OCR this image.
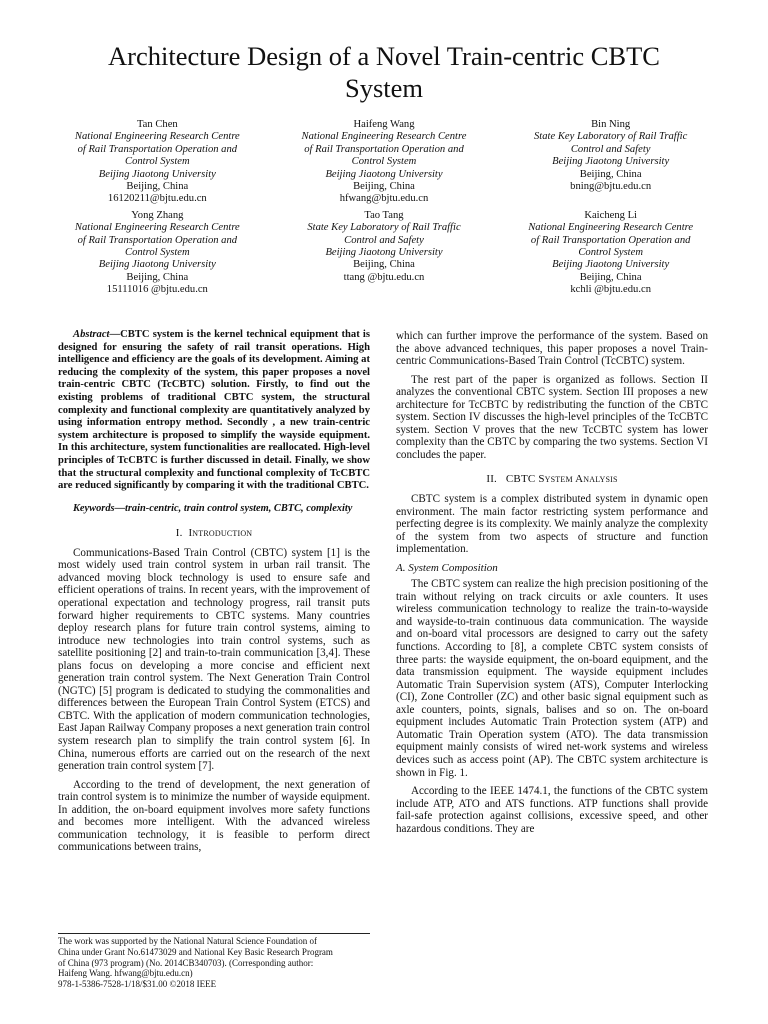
Architecture Design of a Novel Train-centric CBTC
System
Tan Chen
National Engineering Research Centre
of Rail Transportation Operation and
Control System
Beijing Jiaotong University
Beijing, China
16120211@bjtu.edu.cn
Haifeng Wang
National Engineering Research Centre
of Rail Transportation Operation and
Control System
Beijing Jiaotong University
Beijing, China
hfwang@bjtu.edu.cn
Bin Ning
State Key Laboratory of Rail Traffic
Control and Safety
Beijing Jiaotong University
Beijing, China
bning@bjtu.edu.cn
Yong Zhang
National Engineering Research Centre
of Rail Transportation Operation and
Control System
Beijing Jiaotong University
Beijing, China
15111016 @bjtu.edu.cn
Tao Tang
State Key Laboratory of Rail Traffic
Control and Safety
Beijing Jiaotong University
Beijing, China
ttang @bjtu.edu.cn
Kaicheng Li
National Engineering Research Centre
of Rail Transportation Operation and
Control System
Beijing Jiaotong University
Beijing, China
kchli @bjtu.edu.cn

Abstract—CBTC system is the kernel technical equipment that is designed for ensuring the safety of rail transit operations. High intelligence and efficiency are the goals of its development. Aiming at reducing the complexity of the system, this paper proposes a novel train-centric CBTC (TcCBTC) solution. Firstly, to find out the existing problems of traditional CBTC system, the structural complexity and functional complexity are quantitatively analyzed by using information entropy method. Secondly , a new train-centric system architecture is proposed to simplify the wayside equipment. In this architecture, system functionalities are reallocated. High-level principles of TcCBTC is further discussed in detail. Finally, we show that the structural complexity and functional complexity of TcCBTC are reduced significantly by comparing it with the traditional CBTC.

Keywords—train-centric, train control system, CBTC, complexity

I. Introduction

Communications-Based Train Control (CBTC) system [1] is the most widely used train control system in urban rail transit. The advanced moving block technology is used to ensure safe and efficient operations of trains. In recent years, with the improvement of operational expectation and technology progress, rail transit puts forward higher requirements to CBTC systems. Many countries deploy research plans for future train control systems, aiming to introduce new technologies into train control systems, such as satellite positioning [2] and train-to-train communication [3,4]. These plans focus on developing a more concise and efficient next generation train control system. The Next Generation Train Control (NGTC) [5] program is dedicated to studying the commonalities and differences between the European Train Control System (ETCS) and CBTC. With the application of modern communication technologies, East Japan Railway Company proposes a next generation train control system research plan to simplify the train control system [6]. In China, numerous efforts are carried out on the research of the next generation train control system [7].

According to the trend of development, the next generation of train control system is to minimize the number of wayside equipment. In addition, the on-board equipment involves more safety functions and becomes more intelligent. With the advanced wireless communication technology, it is feasible to perform direct communications between trains,

which can further improve the performance of the system. Based on the above advanced techniques, this paper proposes a novel Train-centric Communications-Based Train Control (TcCBTC) system.

The rest part of the paper is organized as follows. Section II analyzes the conventional CBTC system. Section III proposes a new architecture for TcCBTC by redistributing the function of the CBTC system. Section IV discusses the high-level principles of the TcCBTC system. Section V proves that the new TcCBTC system has lower complexity than the CBTC by comparing the two systems. Section VI concludes the paper.

II. CBTC System Analysis

CBTC system is a complex distributed system in dynamic open environment. The main factor restricting system performance and perfecting degree is its complexity. We mainly analyze the complexity of the system from two aspects of structure and function implementation.

A. System Composition

The CBTC system can realize the high precision positioning of the train without relying on track circuits or axle counters. It uses wireless communication technology to realize the train-to-wayside and wayside-to-train continuous data communication. The wayside and on-board vital processors are designed to carry out the safety functions. According to [8], a complete CBTC system consists of three parts: the wayside equipment, the on-board equipment, and the data transmission equipment. The wayside equipment includes Automatic Train Supervision system (ATS), Computer Interlocking (CI), Zone Controller (ZC) and other basic signal equipment such as axle counters, points, signals, balises and so on. The on-board equipment includes Automatic Train Protection system (ATP) and Automatic Train Operation system (ATO). The data transmission equipment mainly consists of wired net-work systems and wireless devices such as access point (AP). The CBTC system architecture is shown in Fig. 1.

According to the IEEE 1474.1, the functions of the CBTC system include ATP, ATO and ATS functions. ATP functions shall provide fail-safe protection against collisions, excessive speed, and other hazardous conditions. They are

The work was supported by the National Natural Science Foundation of
China under Grant No.61473029 and National Key Basic Research Program
of China (973 program) (No. 2014CB340703). (Corresponding author:
Haifeng Wang. hfwang@bjtu.edu.cn)
978-1-5386-7528-1/18/$31.00 ©2018 IEEE
